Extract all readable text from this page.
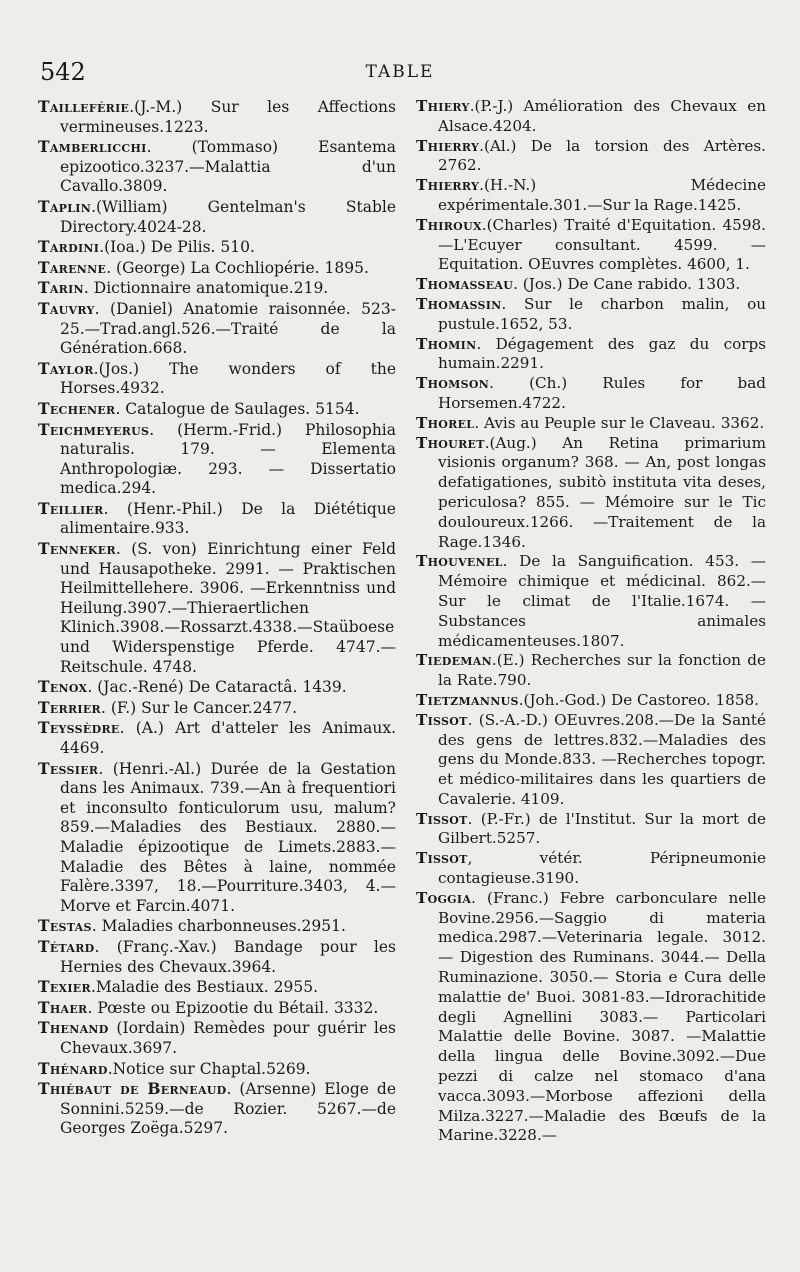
542	TABLE

Tailleférie.(J.-M.) Sur les Affections vermineuses.1223.

Tamberlicchi. (Tommaso) Esantema epizootico.3237.—Malattia d'un Cavallo.3809.

Taplin.(William) Gentelman's Stable Directory.4024-28.

Tardini.(Ioa.) De Pilis. 510.

Tarenne. (George) La Cochliopérie. 1895.

Tarin. Dictionnaire anatomique.219.

Tauvry. (Daniel) Anatomie raisonnée. 523-25.—Trad.angl.526.—Traité de la Génération.668.

Taylor.(Jos.) The wonders of the Horses.4932.

Techener. Catalogue de Saulages. 5154.

Teichmeyerus. (Herm.-Frid.) Philosophia naturalis. 179. — Elementa Anthropologiæ. 293. — Dissertatio medica.294.

Teillier. (Henr.-Phil.) De la Diététique alimentaire.933.

Tenneker. (S. von) Einrichtung einer Feld und Hausapotheke. 2991. — Praktischen Heilmittellehere. 3906. —Erkenntniss und Heilung.3907.—Thieraertlichen Klinich.3908.—Rossarzt.4338.—Staüboese und Widerspenstige Pferde. 4747.—Reitschule. 4748.

Tenox. (Jac.-René) De Cataractâ. 1439.

Terrier. (F.) Sur le Cancer.2477.

Teyssèdre. (A.) Art d'atteler les Animaux. 4469.

Tessier. (Henri.-Al.) Durée de la Gestation dans les Animaux. 739.—An à frequentiori et inconsulto fonticulorum usu, malum? 859.—Maladies des Bestiaux. 2880.—Maladie épizootique de Limets.2883.—Maladie des Bêtes à laine, nommée Falère.3397, 18.—Pourriture.3403, 4.—Morve et Farcin.4071.

Testas. Maladies charbonneuses.2951.

Tétard. (Franç.-Xav.) Bandage pour les Hernies des Chevaux.3964.

Texier.Maladie des Bestiaux. 2955.

Thaer. Pœste ou Epizootie du Bétail. 3332.

Thenand (Iordain) Remèdes pour guérir les Chevaux.3697.

Thénard.Notice sur Chaptal.5269.

Thiébaut de Berneaud. (Arsenne) Eloge de Sonnini.5259.—de Rozier. 5267.—de Georges Zoëga.5297.

Thiery.(P.-J.) Amélioration des Chevaux en Alsace.4204.

Thierry.(Al.) De la torsion des Artères. 2762.

Thierry.(H.-N.) Médecine expérimentale.301.—Sur la Rage.1425.

Thiroux.(Charles) Traité d'Equitation. 4598. —L'Ecuyer consultant. 4599. — Equitation. OEuvres complètes. 4600, 1.

Thomasseau. (Jos.) De Cane rabido. 1303.

Thomassin. Sur le charbon malin, ou pustule.1652, 53.

Thomin. Dégagement des gaz du corps humain.2291.

Thomson. (Ch.) Rules for bad Horsemen.4722.

Thorel. Avis au Peuple sur le Claveau. 3362.

Thouret.(Aug.) An Retina primarium visionis organum? 368. — An, post longas defatigationes, subitò instituta vita deses, periculosa? 855. — Mémoire sur le Tic douloureux.1266. —Traitement de la Rage.1346.

Thouvenel. De la Sanguification. 453. —Mémoire chimique et médicinal. 862.—Sur le climat de l'Italie.1674. —Substances animales médicamenteuses.1807.

Tiedeman.(E.) Recherches sur la fonction de la Rate.790.

Tietzmannus.(Joh.-God.) De Castoreo. 1858.

Tissot. (S.-A.-D.) OEuvres.208.—De la Santé des gens de lettres.832.—Maladies des gens du Monde.833. —Recherches topogr. et médico-militaires dans les quartiers de Cavalerie. 4109.

Tissot. (P.-Fr.) de l'Institut. Sur la mort de Gilbert.5257.

Tissot, vétér. Péripneumonie contagieuse.3190.

Toggia. (Franc.) Febre carbonculare nelle Bovine.2956.—Saggio di materia medica.2987.—Veterinaria legale. 3012. — Digestion des Ruminans. 3044.— Della Ruminazione. 3050.— Storia e Cura delle malattie de' Buoi. 3081-83.—Idrorachitide degli Agnellini 3083.— Particolari Malattie delle Bovine. 3087. —Malattie della lingua delle Bovine.3092.—Due pezzi di calze nel stomaco d'ana vacca.3093.—Morbose affezioni della Milza.3227.—Maladie des Bœufs de la Marine.3228.—
